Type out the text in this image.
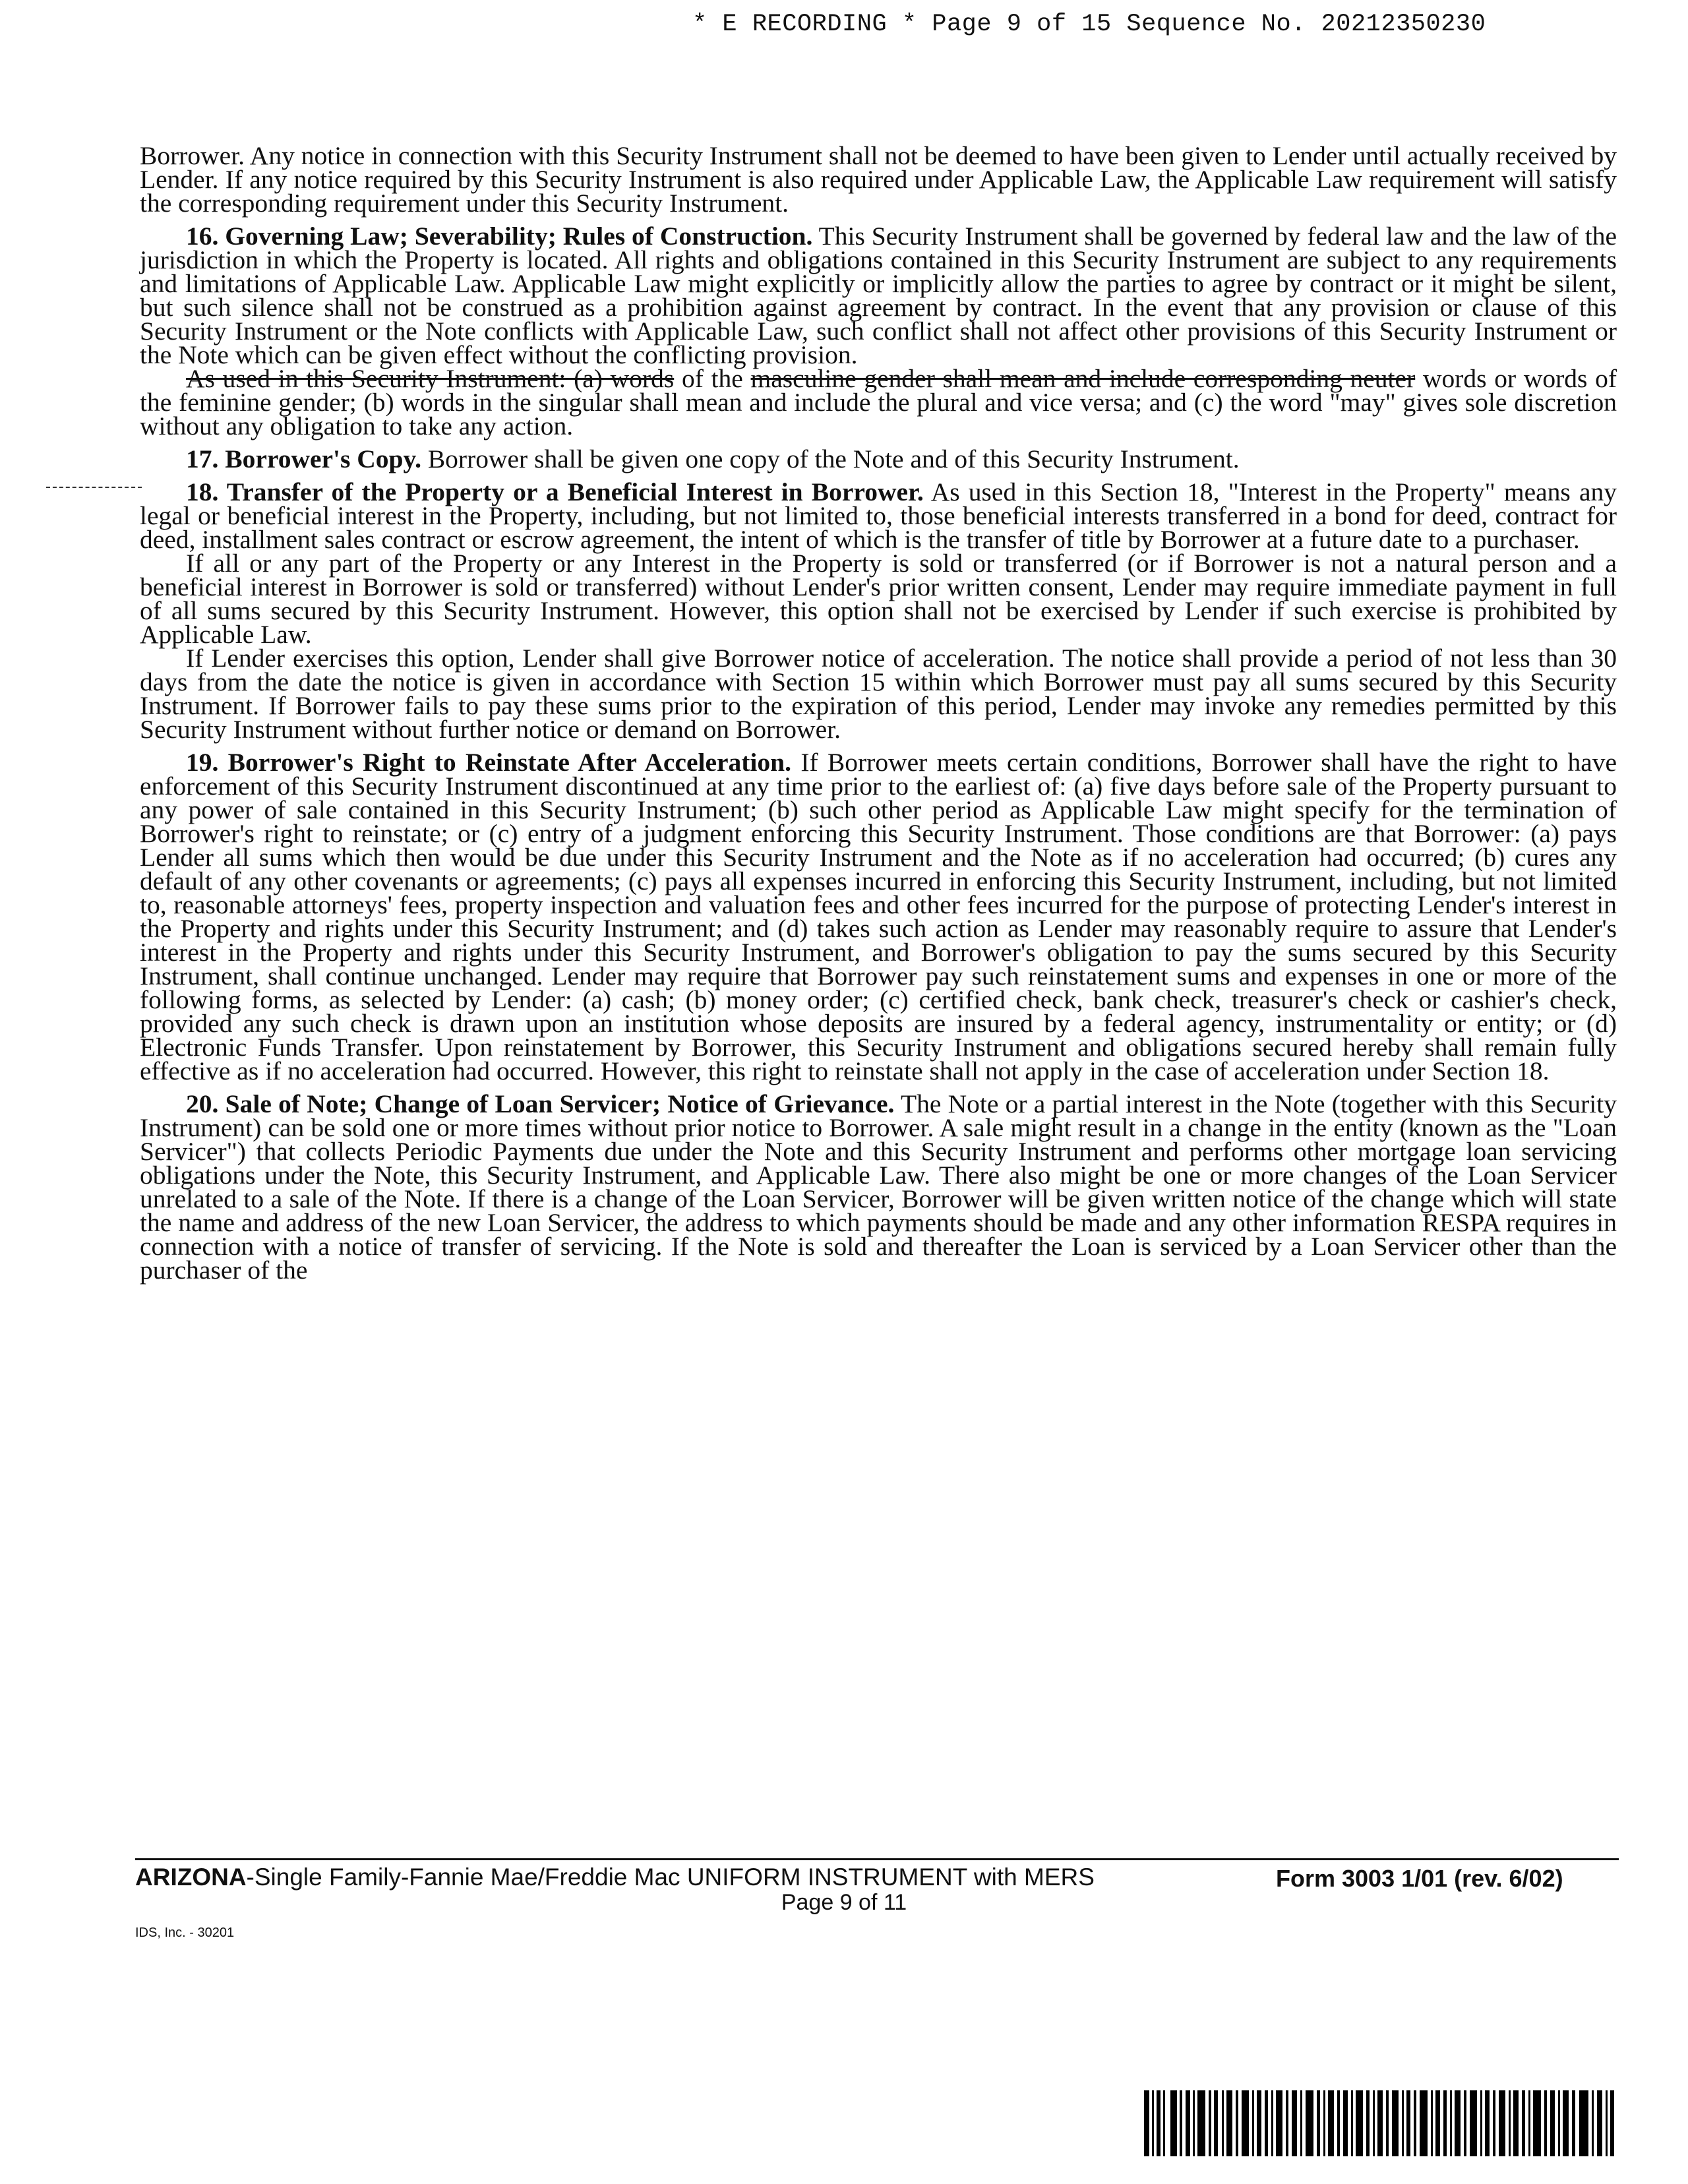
* E RECORDING * Page 9 of 15 Sequence No. 20212350230

Borrower. Any notice in connection with this Security Instrument shall not be deemed to have been given to Lender until actually received by Lender. If any notice required by this Security Instrument is also required under Applicable Law, the Applicable Law requirement will satisfy the corresponding requirement under this Security Instrument.

16. Governing Law; Severability; Rules of Construction. This Security Instrument shall be governed by federal law and the law of the jurisdiction in which the Property is located. All rights and obligations contained in this Security Instrument are subject to any requirements and limitations of Applicable Law. Applicable Law might explicitly or implicitly allow the parties to agree by contract or it might be silent, but such silence shall not be construed as a prohibition against agreement by contract. In the event that any provision or clause of this Security Instrument or the Note conflicts with Applicable Law, such conflict shall not affect other provisions of this Security Instrument or the Note which can be given effect without the conflicting provision.

As used in this Security Instrument: (a) words of the masculine gender shall mean and include corresponding neuter words or words of the feminine gender; (b) words in the singular shall mean and include the plural and vice versa; and (c) the word "may" gives sole discretion without any obligation to take any action.

17. Borrower's Copy. Borrower shall be given one copy of the Note and of this Security Instrument.

18. Transfer of the Property or a Beneficial Interest in Borrower. As used in this Section 18, "Interest in the Property" means any legal or beneficial interest in the Property, including, but not limited to, those beneficial interests transferred in a bond for deed, contract for deed, installment sales contract or escrow agreement, the intent of which is the transfer of title by Borrower at a future date to a purchaser.

If all or any part of the Property or any Interest in the Property is sold or transferred (or if Borrower is not a natural person and a beneficial interest in Borrower is sold or transferred) without Lender's prior written consent, Lender may require immediate payment in full of all sums secured by this Security Instrument. However, this option shall not be exercised by Lender if such exercise is prohibited by Applicable Law.

If Lender exercises this option, Lender shall give Borrower notice of acceleration. The notice shall provide a period of not less than 30 days from the date the notice is given in accordance with Section 15 within which Borrower must pay all sums secured by this Security Instrument. If Borrower fails to pay these sums prior to the expiration of this period, Lender may invoke any remedies permitted by this Security Instrument without further notice or demand on Borrower.

19. Borrower's Right to Reinstate After Acceleration. If Borrower meets certain conditions, Borrower shall have the right to have enforcement of this Security Instrument discontinued at any time prior to the earliest of: (a) five days before sale of the Property pursuant to any power of sale contained in this Security Instrument; (b) such other period as Applicable Law might specify for the termination of Borrower's right to reinstate; or (c) entry of a judgment enforcing this Security Instrument. Those conditions are that Borrower: (a) pays Lender all sums which then would be due under this Security Instrument and the Note as if no acceleration had occurred; (b) cures any default of any other covenants or agreements; (c) pays all expenses incurred in enforcing this Security Instrument, including, but not limited to, reasonable attorneys' fees, property inspection and valuation fees and other fees incurred for the purpose of protecting Lender's interest in the Property and rights under this Security Instrument; and (d) takes such action as Lender may reasonably require to assure that Lender's interest in the Property and rights under this Security Instrument, and Borrower's obligation to pay the sums secured by this Security Instrument, shall continue unchanged. Lender may require that Borrower pay such reinstatement sums and expenses in one or more of the following forms, as selected by Lender: (a) cash; (b) money order; (c) certified check, bank check, treasurer's check or cashier's check, provided any such check is drawn upon an institution whose deposits are insured by a federal agency, instrumentality or entity; or (d) Electronic Funds Transfer. Upon reinstatement by Borrower, this Security Instrument and obligations secured hereby shall remain fully effective as if no acceleration had occurred. However, this right to reinstate shall not apply in the case of acceleration under Section 18.

20. Sale of Note; Change of Loan Servicer; Notice of Grievance. The Note or a partial interest in the Note (together with this Security Instrument) can be sold one or more times without prior notice to Borrower. A sale might result in a change in the entity (known as the "Loan Servicer") that collects Periodic Payments due under the Note and this Security Instrument and performs other mortgage loan servicing obligations under the Note, this Security Instrument, and Applicable Law. There also might be one or more changes of the Loan Servicer unrelated to a sale of the Note. If there is a change of the Loan Servicer, Borrower will be given written notice of the change which will state the name and address of the new Loan Servicer, the address to which payments should be made and any other information RESPA requires in connection with a notice of transfer of servicing. If the Note is sold and thereafter the Loan is serviced by a Loan Servicer other than the purchaser of the

ARIZONA-Single Family-Fannie Mae/Freddie Mac UNIFORM INSTRUMENT with MERS	Form 3003 1/01 (rev. 6/02)
Page 9 of 11
IDS, Inc. - 30201
